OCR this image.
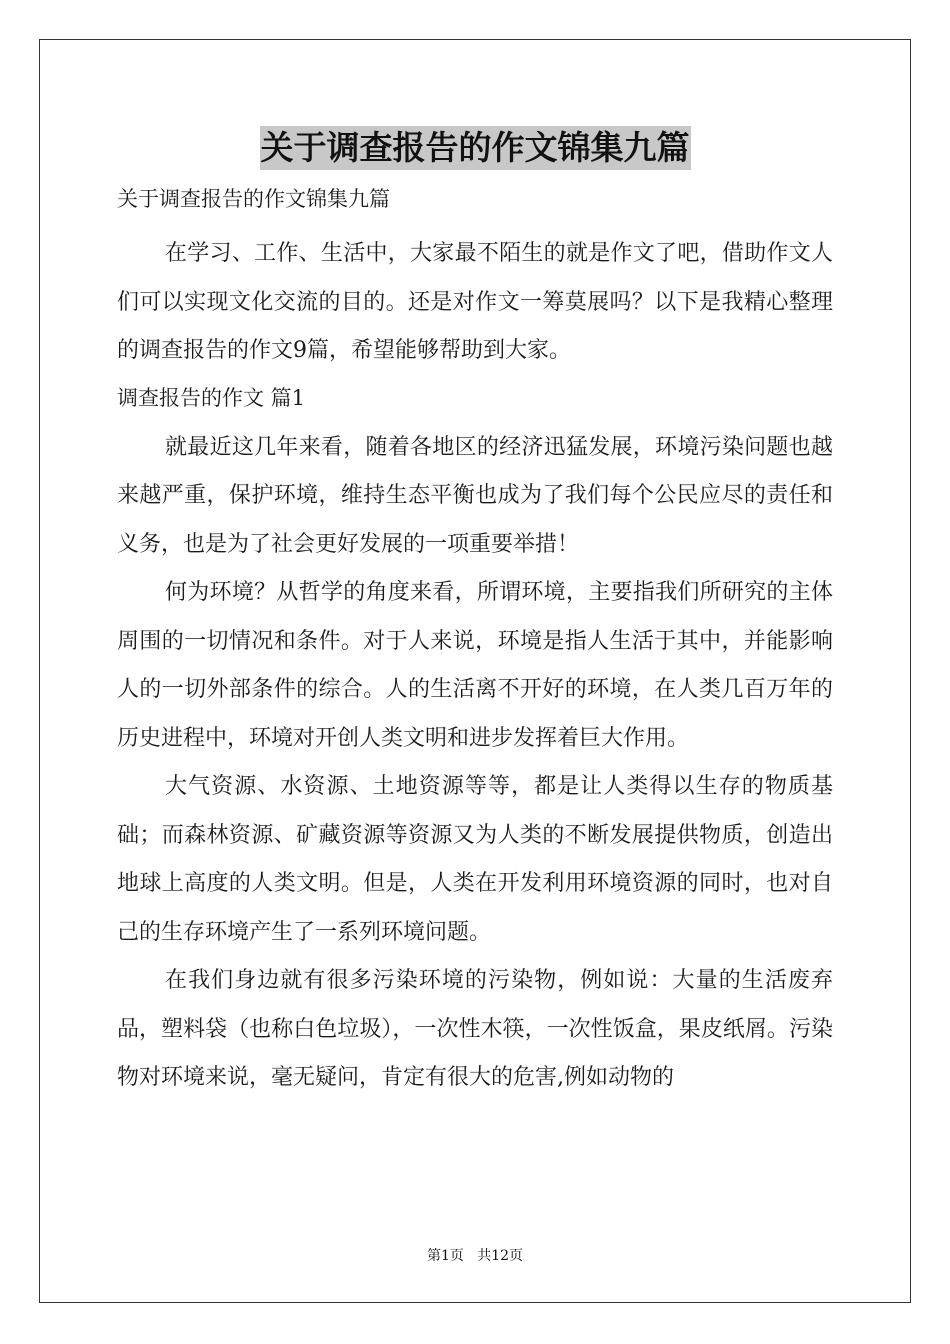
关于调查报告的作文锦集九篇
关于调查报告的作文锦集九篇

在学习、工作、生活中，大家最不陌生的就是作文了吧，借助作文人们可以实现文化交流的目的。还是对作文一筹莫展吗？以下是我精心整理的调查报告的作文9篇，希望能够帮助到大家。

调查报告的作文 篇1

就最近这几年来看，随着各地区的经济迅猛发展，环境污染问题也越来越严重，保护环境，维持生态平衡也成为了我们每个公民应尽的责任和义务，也是为了社会更好发展的一项重要举措！

何为环境？从哲学的角度来看，所谓环境，主要指我们所研究的主体周围的一切情况和条件。对于人来说，环境是指人生活于其中，并能影响人的一切外部条件的综合。人的生活离不开好的环境，在人类几百万年的历史进程中，环境对开创人类文明和进步发挥着巨大作用。

大气资源、水资源、土地资源等等，都是让人类得以生存的物质基础；而森林资源、矿藏资源等资源又为人类的不断发展提供物质，创造出地球上高度的人类文明。但是，人类在开发利用环境资源的同时，也对自己的生存环境产生了一系列环境问题。

在我们身边就有很多污染环境的污染物，例如说：大量的生活废弃品，塑料袋（也称白色垃圾），一次性木筷，一次性饭盒，果皮纸屑。污染物对环境来说，毫无疑问，肯定有很大的危害,例如动物的

第1页   共12页
